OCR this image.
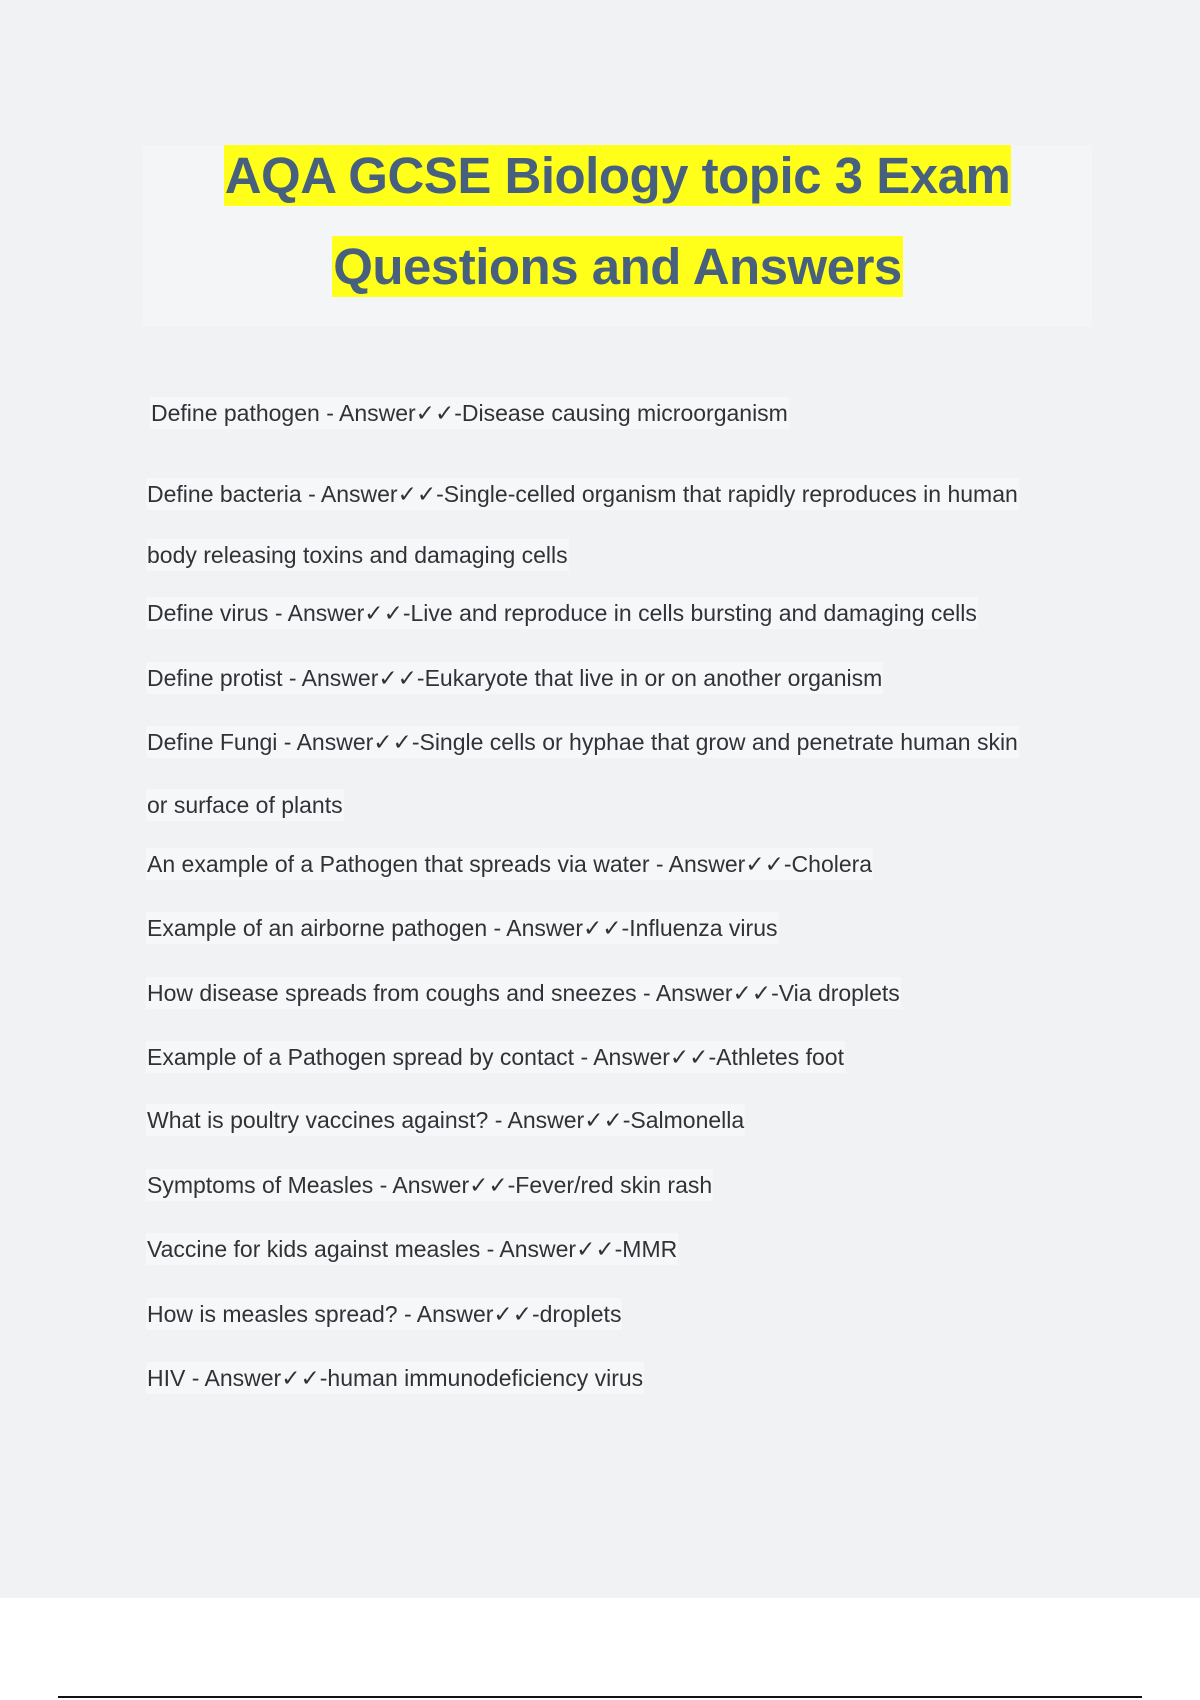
AQA GCSE Biology topic 3 Exam
Questions and Answers
Define pathogen - Answer✓✓-Disease causing microorganism
Define bacteria - Answer✓✓-Single-celled organism that rapidly reproduces in human
body releasing toxins and damaging cells
Define virus - Answer✓✓-Live and reproduce in cells bursting and damaging cells
Define protist - Answer✓✓-Eukaryote that live in or on another organism
Define Fungi - Answer✓✓-Single cells or hyphae that grow and penetrate human skin
or surface of plants
An example of a Pathogen that spreads via water - Answer✓✓-Cholera
Example of an airborne pathogen - Answer✓✓-Influenza virus
How disease spreads from coughs and sneezes - Answer✓✓-Via droplets
Example of a Pathogen spread by contact - Answer✓✓-Athletes foot
What is poultry vaccines against? - Answer✓✓-Salmonella
Symptoms of Measles - Answer✓✓-Fever/red skin rash
Vaccine for kids against measles - Answer✓✓-MMR
How is measles spread? - Answer✓✓-droplets
HIV - Answer✓✓-human immunodeficiency virus
